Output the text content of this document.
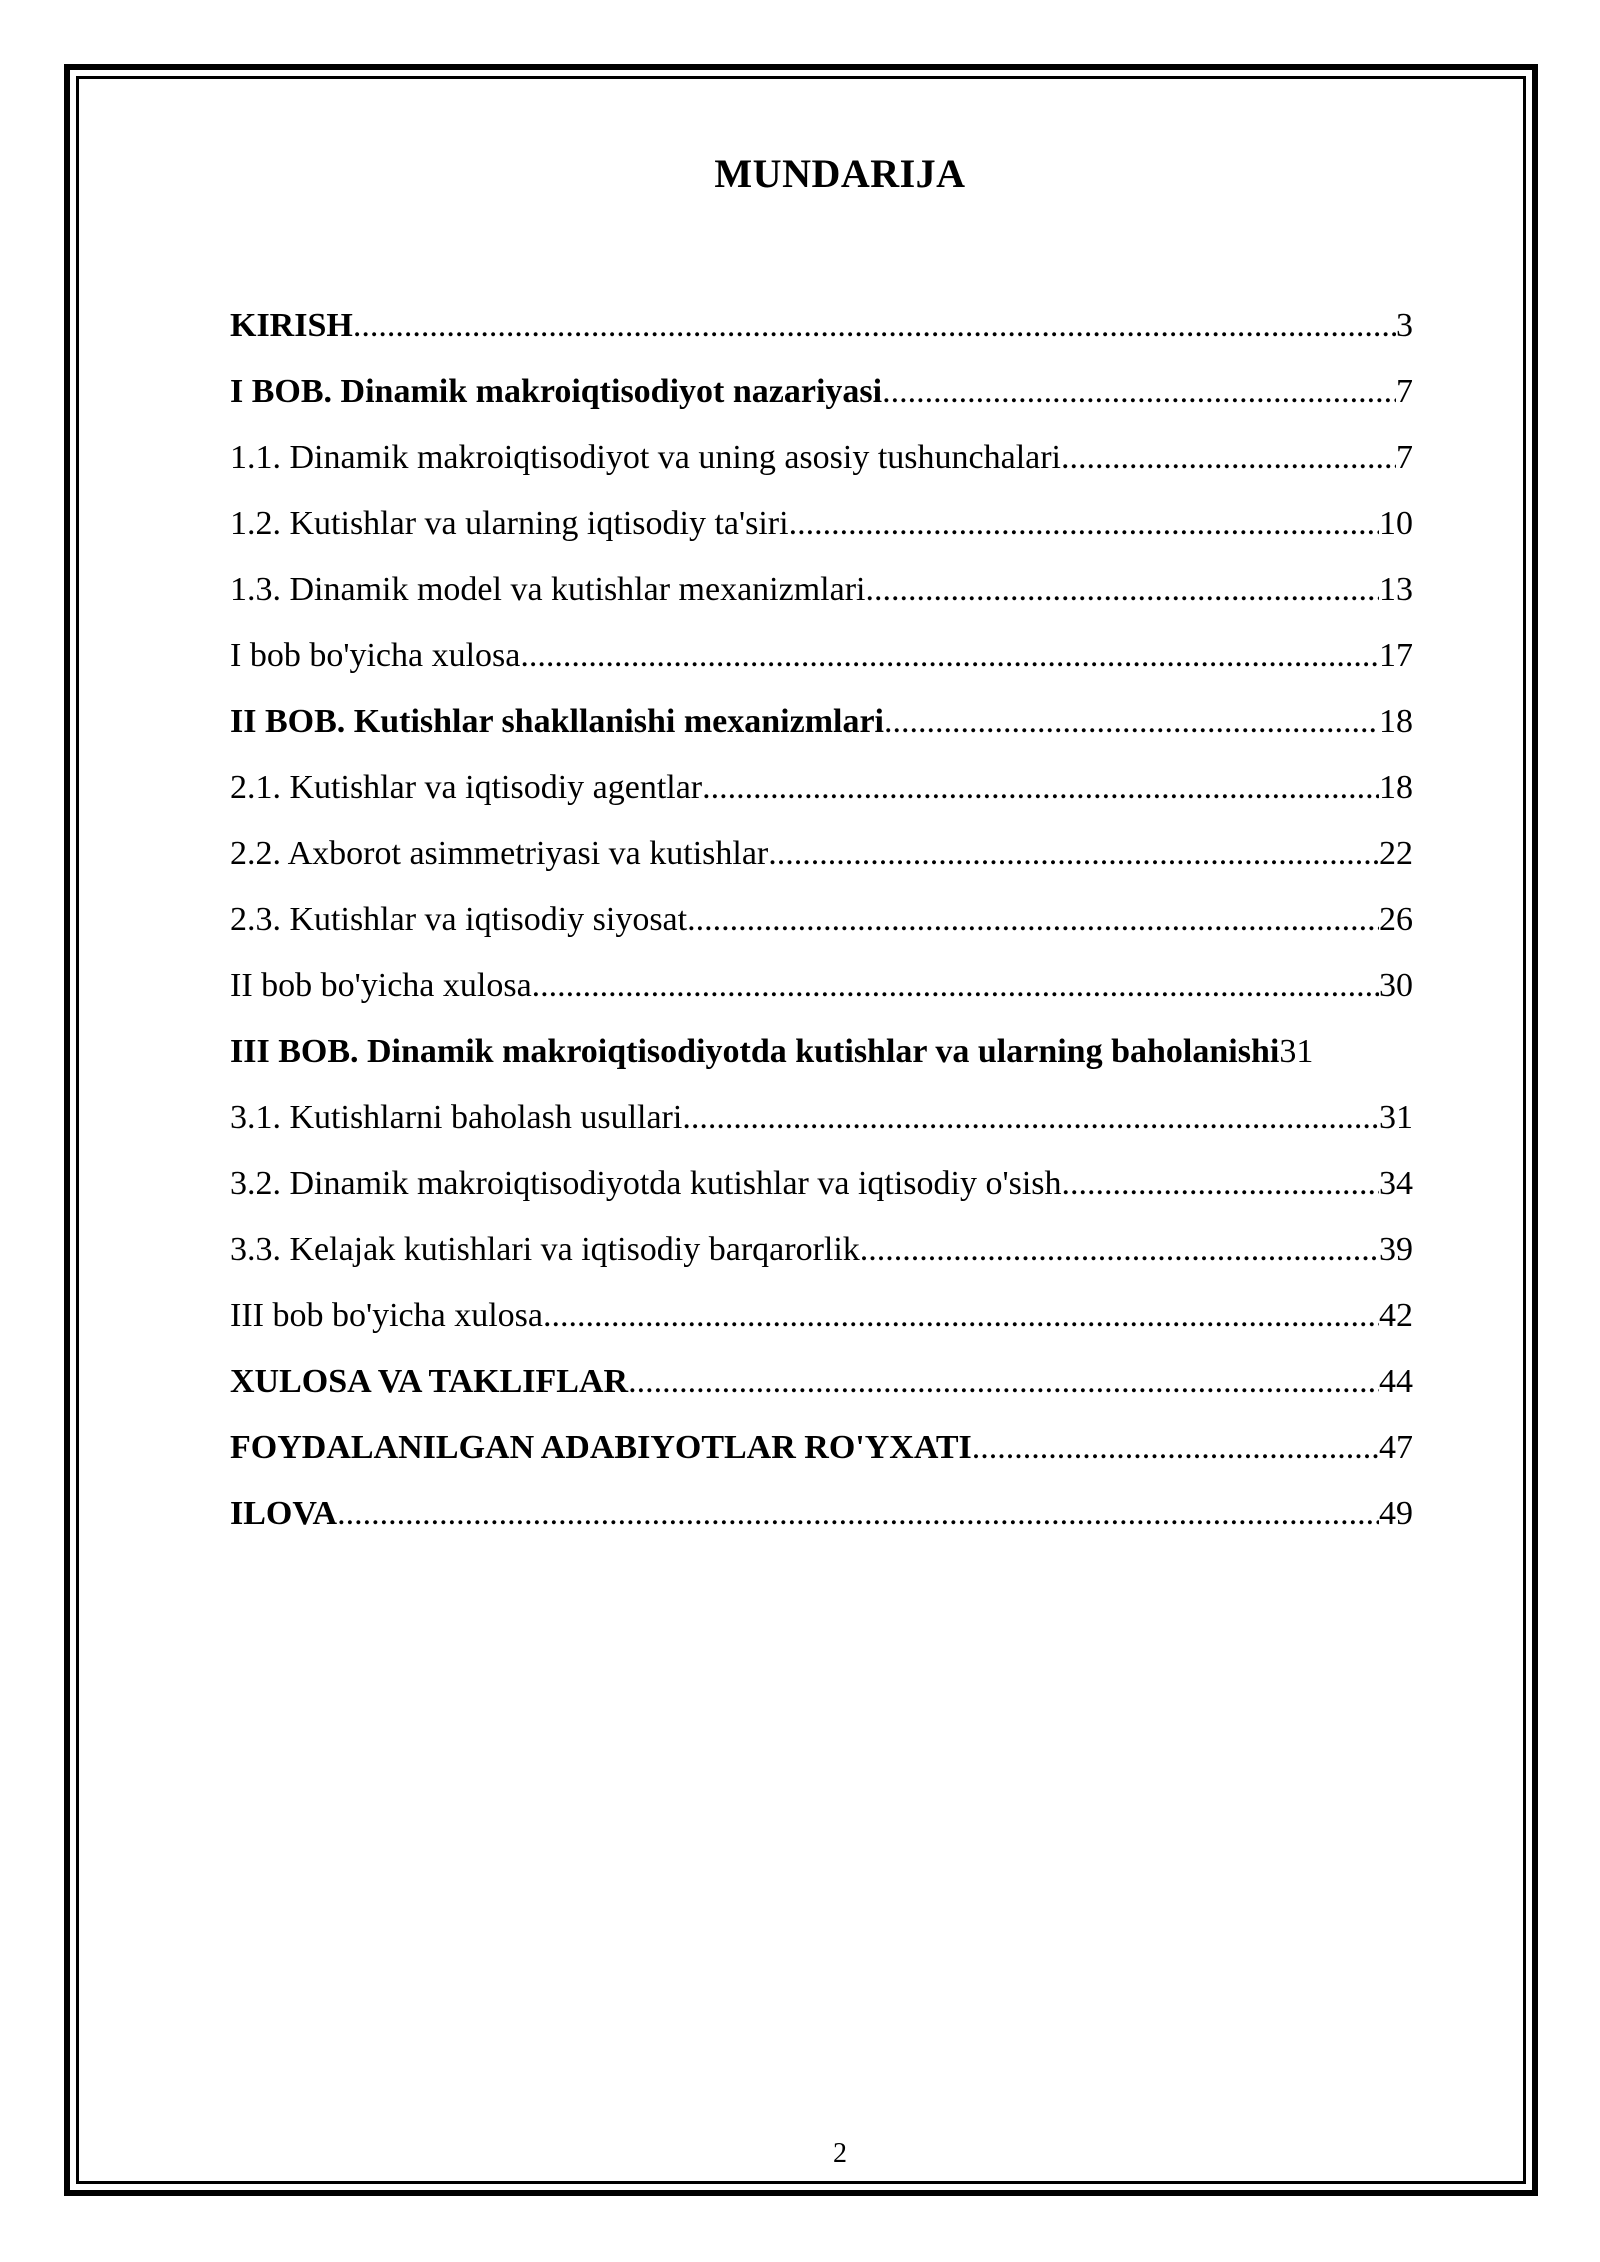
MUNDARIJA
KIRISH .....	3
I BOB. Dinamik makroiqtisodiyot nazariyasi .....	7
1.1. Dinamik makroiqtisodiyot va uning asosiy tushunchalari .....	7
1.2. Kutishlar va ularning iqtisodiy ta'siri .....	10
1.3. Dinamik model va kutishlar mexanizmlari .....	13
I bob bo'yicha xulosa .....	17
II BOB. Kutishlar shakllanishi mexanizmlari .....	18
2.1. Kutishlar va iqtisodiy agentlar .....	18
2.2. Axborot asimmetriyasi va kutishlar .....	22
2.3. Kutishlar va iqtisodiy siyosat .....	26
II bob bo'yicha xulosa .....	30
III BOB. Dinamik makroiqtisodiyotda kutishlar va ularning baholanishi 31
3.1. Kutishlarni baholash usullari .....	31
3.2. Dinamik makroiqtisodiyotda kutishlar va iqtisodiy o'sish .....	34
3.3. Kelajak kutishlari va iqtisodiy barqarorlik .....	39
III bob bo'yicha xulosa .....	42
XULOSA VA TAKLIFLAR .....	44
FOYDALANILGAN ADABIYOTLAR RO'YXATI .....	47
ILOVA .....	49
2
